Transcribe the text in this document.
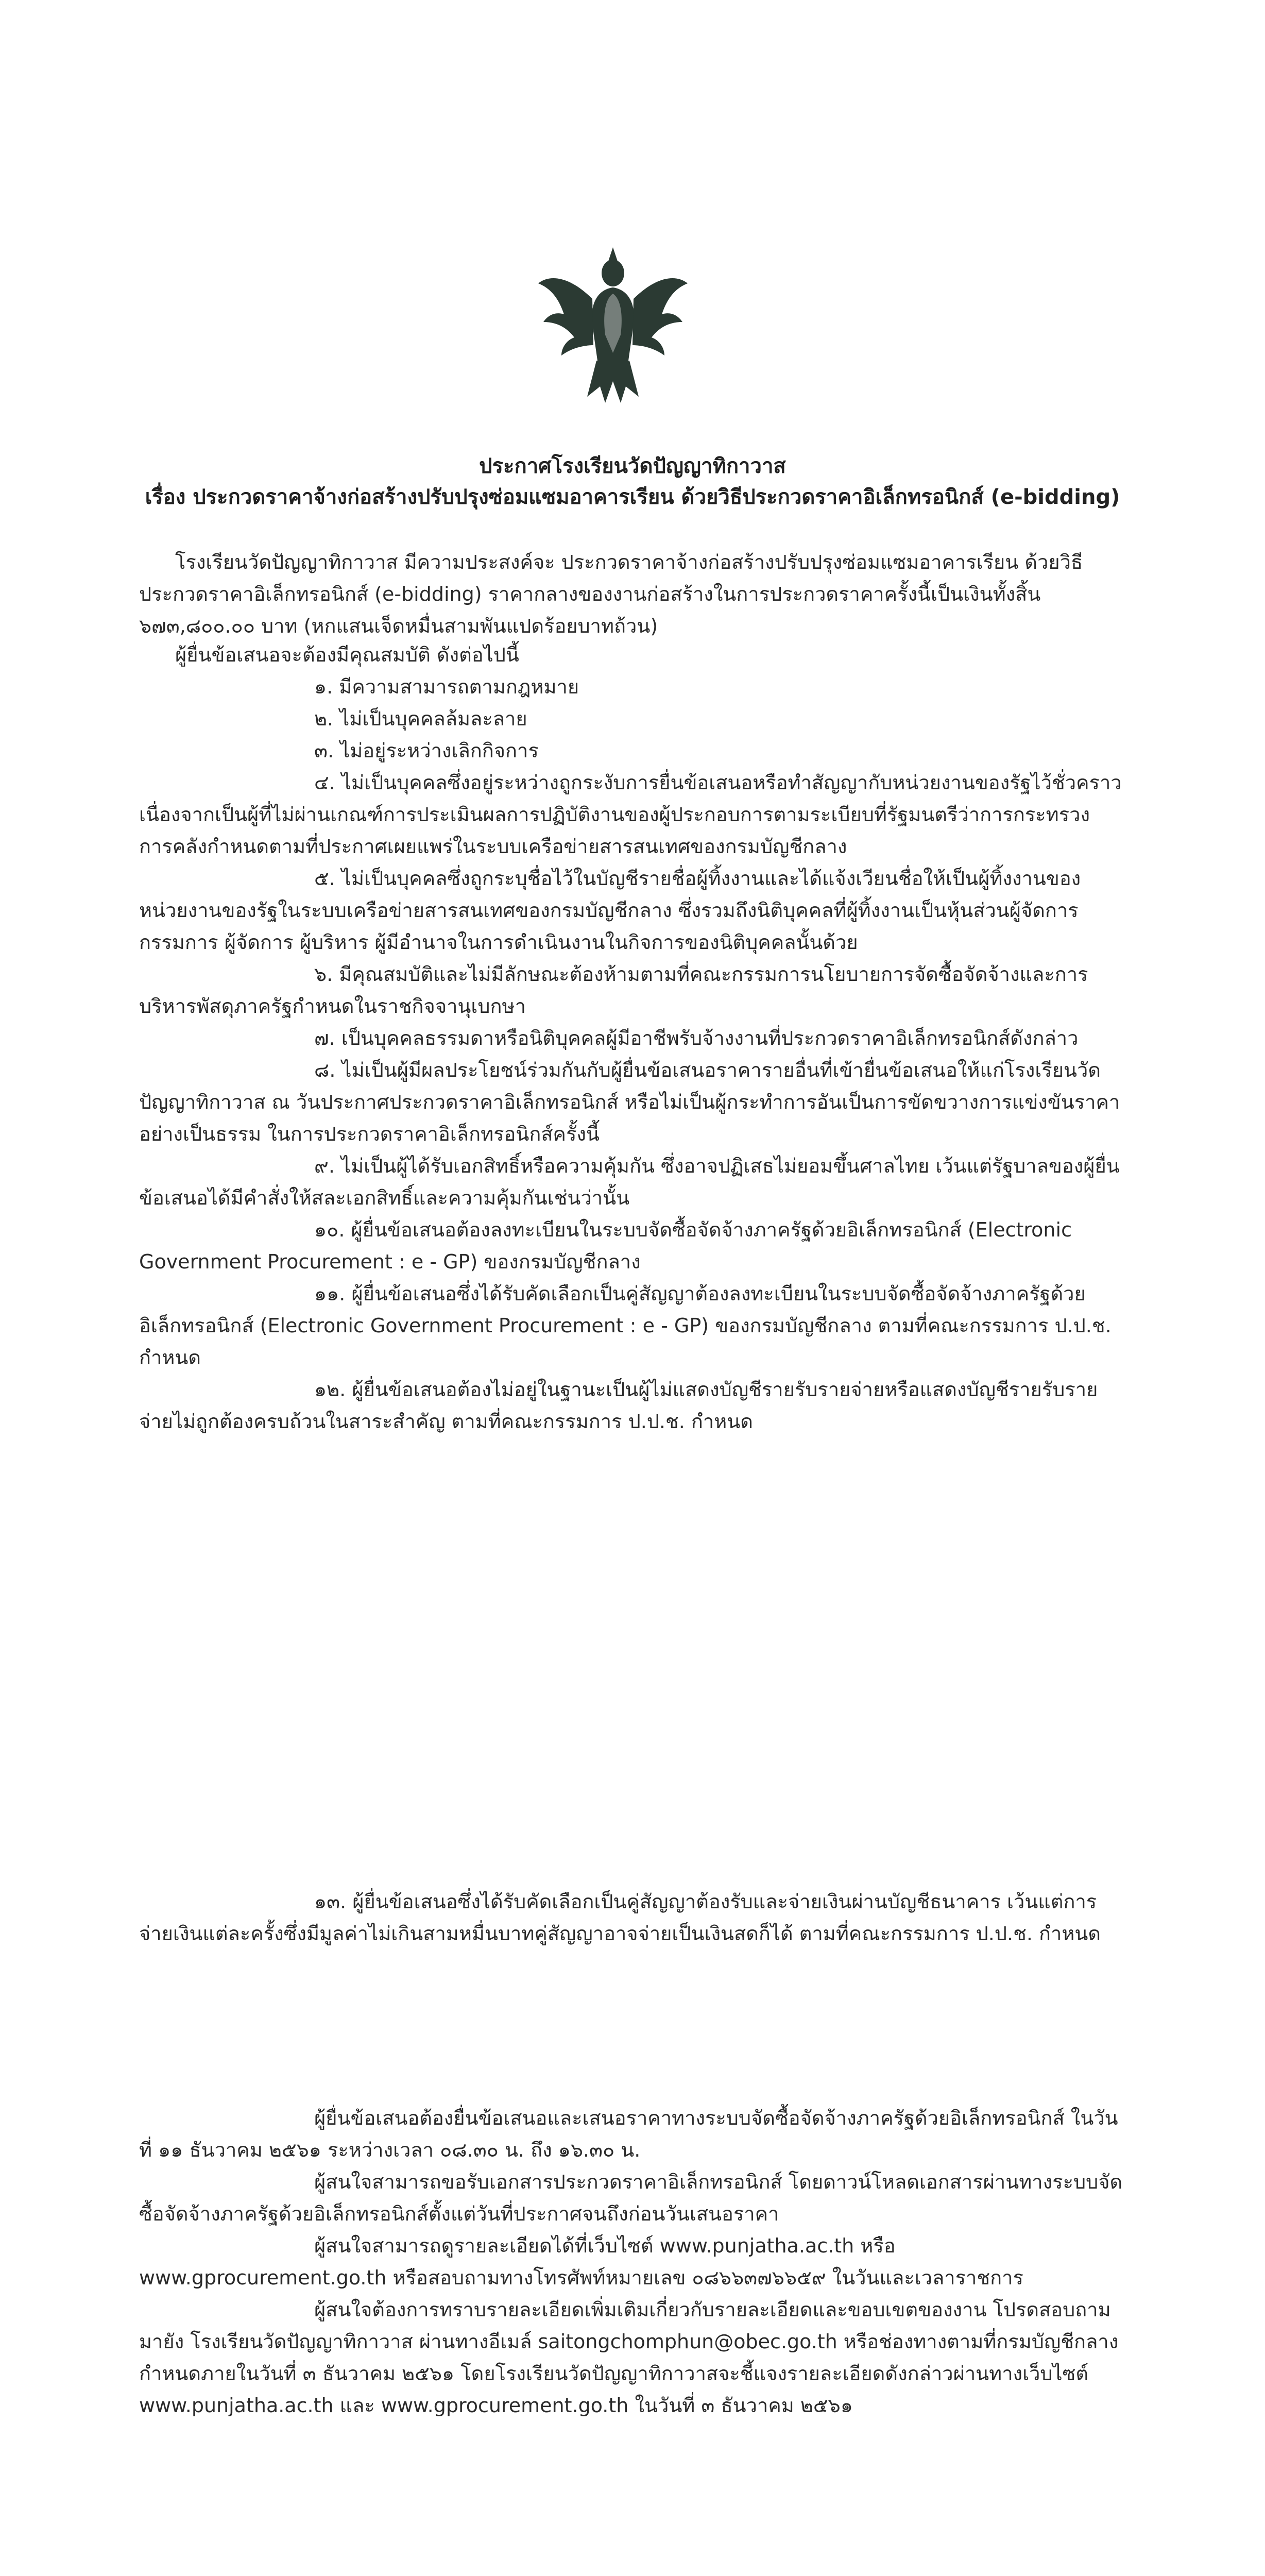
ประกาศโรงเรียนวัดปัญญาทิกาวาส
เรื่อง ประกวดราคาจ้างก่อสร้างปรับปรุงซ่อมแซมอาคารเรียน ด้วยวิธีประกวดราคาอิเล็กทรอนิกส์ (e-bidding)
โรงเรียนวัดปัญญาทิกาวาส มีความประสงค์จะ ประกวดราคาจ้างก่อสร้างปรับปรุงซ่อมแซมอาคารเรียน ด้วยวิธีประกวดราคาอิเล็กทรอนิกส์ (e-bidding) ราคากลางของงานก่อสร้างในการประกวดราคาครั้งนี้เป็นเงินทั้งสิ้น ๖๗๓,๘๐๐.๐๐ บาท (หกแสนเจ็ดหมื่นสามพันแปดร้อยบาทถ้วน)
ผู้ยื่นข้อเสนอจะต้องมีคุณสมบัติ ดังต่อไปนี้
๑. มีความสามารถตามกฎหมาย
๒. ไม่เป็นบุคคลล้มละลาย
๓. ไม่อยู่ระหว่างเลิกกิจการ
๔. ไม่เป็นบุคคลซึ่งอยู่ระหว่างถูกระงับการยื่นข้อเสนอหรือทำสัญญากับหน่วยงานของรัฐไว้ชั่วคราว เนื่องจากเป็นผู้ที่ไม่ผ่านเกณฑ์การประเมินผลการปฏิบัติงานของผู้ประกอบการตามระเบียบที่รัฐมนตรีว่าการกระทรวงการคลังกำหนดตามที่ประกาศเผยแพร่ในระบบเครือข่ายสารสนเทศของกรมบัญชีกลาง
๕. ไม่เป็นบุคคลซึ่งถูกระบุชื่อไว้ในบัญชีรายชื่อผู้ทิ้งงานและได้แจ้งเวียนชื่อให้เป็นผู้ทิ้งงานของหน่วยงานของรัฐในระบบเครือข่ายสารสนเทศของกรมบัญชีกลาง ซึ่งรวมถึงนิติบุคคลที่ผู้ทิ้งงานเป็นหุ้นส่วนผู้จัดการ กรรมการ ผู้จัดการ ผู้บริหาร ผู้มีอำนาจในการดำเนินงานในกิจการของนิติบุคคลนั้นด้วย
๖. มีคุณสมบัติและไม่มีลักษณะต้องห้ามตามที่คณะกรรมการนโยบายการจัดซื้อจัดจ้างและการบริหารพัสดุภาครัฐกำหนดในราชกิจจานุเบกษา
๗. เป็นบุคคลธรรมดาหรือนิติบุคคลผู้มีอาชีพรับจ้างงานที่ประกวดราคาอิเล็กทรอนิกส์ดังกล่าว
๘. ไม่เป็นผู้มีผลประโยชน์ร่วมกันกับผู้ยื่นข้อเสนอราคารายอื่นที่เข้ายื่นข้อเสนอให้แก่โรงเรียนวัดปัญญาทิกาวาส ณ วันประกาศประกวดราคาอิเล็กทรอนิกส์ หรือไม่เป็นผู้กระทำการอันเป็นการขัดขวางการแข่งขันราคาอย่างเป็นธรรม ในการประกวดราคาอิเล็กทรอนิกส์ครั้งนี้
๙. ไม่เป็นผู้ได้รับเอกสิทธิ์หรือความคุ้มกัน ซึ่งอาจปฏิเสธไม่ยอมขึ้นศาลไทย เว้นแต่รัฐบาลของผู้ยื่นข้อเสนอได้มีคำสั่งให้สละเอกสิทธิ์และความคุ้มกันเช่นว่านั้น
๑๐. ผู้ยื่นข้อเสนอต้องลงทะเบียนในระบบจัดซื้อจัดจ้างภาครัฐด้วยอิเล็กทรอนิกส์ (Electronic Government Procurement : e - GP) ของกรมบัญชีกลาง
๑๑. ผู้ยื่นข้อเสนอซึ่งได้รับคัดเลือกเป็นคู่สัญญาต้องลงทะเบียนในระบบจัดซื้อจัดจ้างภาครัฐด้วยอิเล็กทรอนิกส์ (Electronic Government Procurement : e - GP) ของกรมบัญชีกลาง ตามที่คณะกรรมการ ป.ป.ช. กำหนด
๑๒. ผู้ยื่นข้อเสนอต้องไม่อยู่ในฐานะเป็นผู้ไม่แสดงบัญชีรายรับรายจ่ายหรือแสดงบัญชีรายรับรายจ่ายไม่ถูกต้องครบถ้วนในสาระสำคัญ ตามที่คณะกรรมการ ป.ป.ช. กำหนด
๑๓. ผู้ยื่นข้อเสนอซึ่งได้รับคัดเลือกเป็นคู่สัญญาต้องรับและจ่ายเงินผ่านบัญชีธนาคาร เว้นแต่การจ่ายเงินแต่ละครั้งซึ่งมีมูลค่าไม่เกินสามหมื่นบาทคู่สัญญาอาจจ่ายเป็นเงินสดก็ได้ ตามที่คณะกรรมการ ป.ป.ช. กำหนด
ผู้ยื่นข้อเสนอต้องยื่นข้อเสนอและเสนอราคาทางระบบจัดซื้อจัดจ้างภาครัฐด้วยอิเล็กทรอนิกส์ ในวันที่ ๑๑ ธันวาคม ๒๕๖๑ ระหว่างเวลา ๐๘.๓๐ น. ถึง ๑๖.๓๐ น.
ผู้สนใจสามารถขอรับเอกสารประกวดราคาอิเล็กทรอนิกส์ โดยดาวน์โหลดเอกสารผ่านทางระบบจัดซื้อจัดจ้างภาครัฐด้วยอิเล็กทรอนิกส์ตั้งแต่วันที่ประกาศจนถึงก่อนวันเสนอราคา
ผู้สนใจสามารถดูรายละเอียดได้ที่เว็บไซต์ www.punjatha.ac.th หรือ www.gprocurement.go.th หรือสอบถามทางโทรศัพท์หมายเลข ๐๘๖๖๓๗๖๖๕๙ ในวันและเวลาราชการ
ผู้สนใจต้องการทราบรายละเอียดเพิ่มเติมเกี่ยวกับรายละเอียดและขอบเขตของงาน โปรดสอบถามมายัง โรงเรียนวัดปัญญาทิกาวาส ผ่านทางอีเมล์ saitongchomphun@obec.go.th หรือช่องทางตามที่กรมบัญชีกลางกำหนดภายในวันที่ ๓ ธันวาคม ๒๕๖๑ โดยโรงเรียนวัดปัญญาทิกาวาสจะชี้แจงรายละเอียดดังกล่าวผ่านทางเว็บไซต์ www.punjatha.ac.th และ www.gprocurement.go.th ในวันที่ ๓ ธันวาคม ๒๕๖๑
